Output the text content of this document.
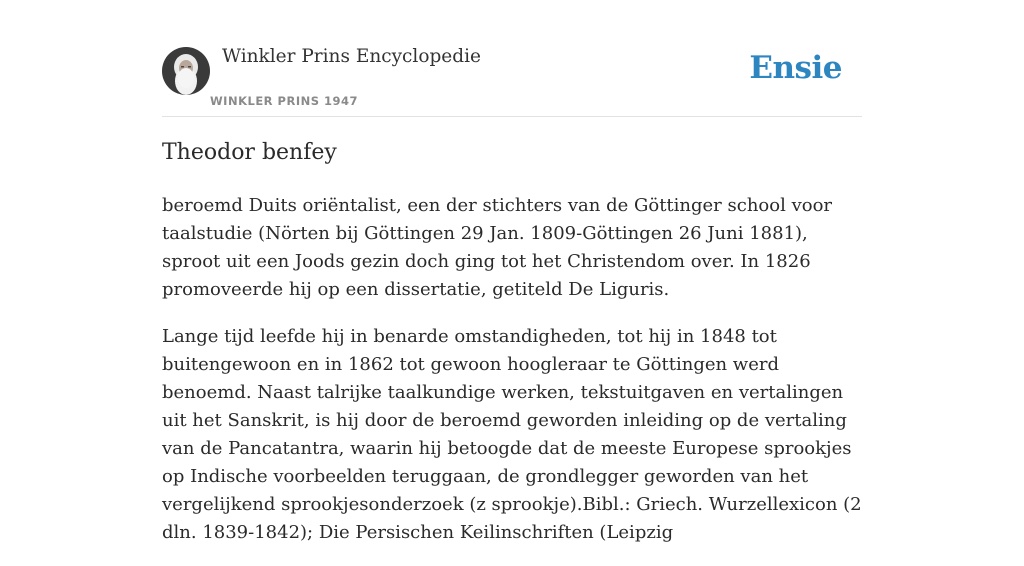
Winkler Prins Encyclopedie
WINKLER PRINS 1947
Ensie
Theodor benfey

beroemd Duits oriëntalist, een der stichters van de Göttinger school voor taalstudie (Nörten bij Göttingen 29 Jan. 1809-Göttingen 26 Juni 1881), sproot uit een Joods gezin doch ging tot het Christendom over. In 1826 promoveerde hij op een dissertatie, getiteld De Liguris.

Lange tijd leefde hij in benarde omstandigheden, tot hij in 1848 tot buitengewoon en in 1862 tot gewoon hoogleraar te Göttingen werd benoemd. Naast talrijke taalkundige werken, tekstuitgaven en vertalingen uit het Sanskrit, is hij door de beroemd geworden inleiding op de vertaling van de Pancatantra, waarin hij betoogde dat de meeste Europese sprookjes op Indische voorbeelden teruggaan, de grondlegger geworden van het vergelijkend sprookjesonderzoek (z sprookje).Bibl.: Griech. Wurzellexicon (2 dln. 1839-1842); Die Persischen Keilinschriften (Leipzig
